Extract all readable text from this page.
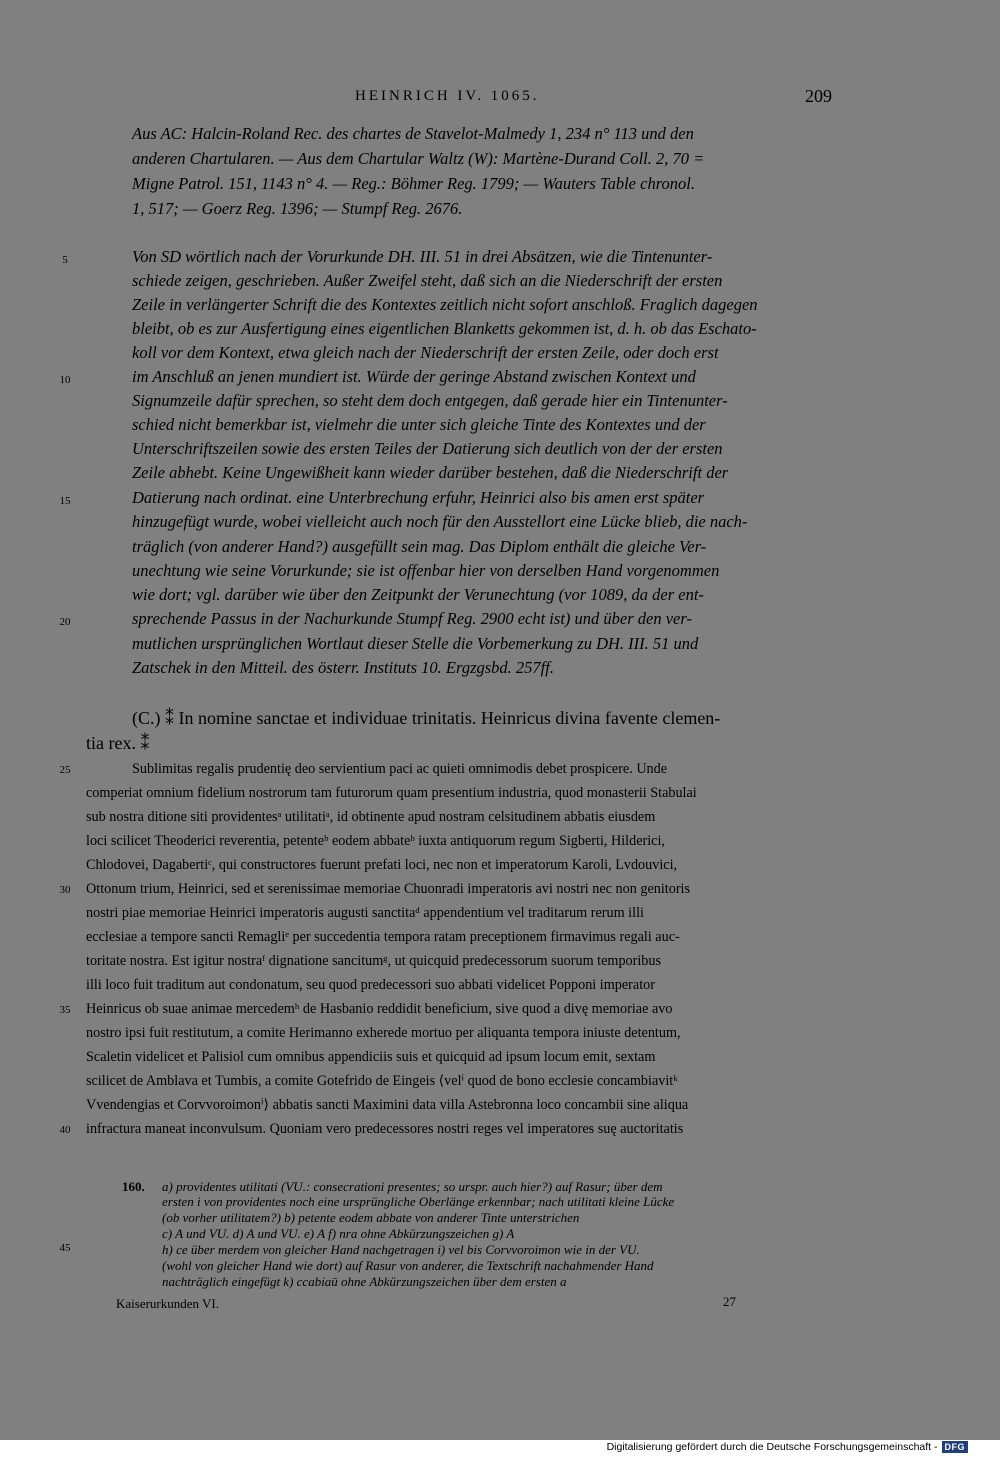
HEINRICH IV. 1065.	209
Aus AC: Halcin-Roland Rec. des chartes de Stavelot-Malmedy 1, 234 n° 113 und den
anderen Chartularen. — Aus dem Chartular Waltz (W): Martène-Durand Coll. 2, 70 =
Migne Patrol. 151, 1143 n° 4. — Reg.: Böhmer Reg. 1799; — Wauters Table chronol.
1, 517; — Goerz Reg. 1396; — Stumpf Reg. 2676.
Von SD wörtlich nach der Vorurkunde DH. III. 51 in drei Absätzen, wie die Tintenunter-
schiede zeigen, geschrieben. Außer Zweifel steht, daß sich an die Niederschrift der ersten
Zeile in verlängerter Schrift die des Kontextes zeitlich nicht sofort anschloß. Fraglich dagegen
bleibt, ob es zur Ausfertigung eines eigentlichen Blanketts gekommen ist, d. h. ob das Eschato-
koll vor dem Kontext, etwa gleich nach der Niederschrift der ersten Zeile, oder doch erst
im Anschluß an jenen mundiert ist. Würde der geringe Abstand zwischen Kontext und
Signumzeile dafür sprechen, so steht dem doch entgegen, daß gerade hier ein Tintenunter-
schied nicht bemerkbar ist, vielmehr die unter sich gleiche Tinte des Kontextes und der
Unterschriftszeilen sowie des ersten Teiles der Datierung sich deutlich von der der ersten
Zeile abhebt. Keine Ungewißheit kann wieder darüber bestehen, daß die Niederschrift der
Datierung nach ordinat. eine Unterbrechung erfuhr, Heinrici also bis amen erst später
hinzugefügt wurde, wobei vielleicht auch noch für den Ausstellort eine Lücke blieb, die nach-
träglich (von anderer Hand?) ausgefüllt sein mag. Das Diplom enthält die gleiche Ver-
unechtung wie seine Vorurkunde; sie ist offenbar hier von derselben Hand vorgenommen
wie dort; vgl. darüber wie über den Zeitpunkt der Verunechtung (vor 1089, da der ent-
sprechende Passus in der Nachurkunde Stumpf Reg. 2900 echt ist) und über den ver-
mutlichen ursprünglichen Wortlaut dieser Stelle die Vorbemerkung zu DH. III. 51 und
Zatschek in den Mitteil. des österr. Instituts 10. Ergzgsbd. 257ff.
(C.) ⁑ In nomine sanctae et individuae trinitatis. Heinricus divina favente clemen-
tia rex. ⁑
Sublimitas regalis prudentię deo servientium paci ac quieti omnimodis debet prospicere. Unde
comperiat omnium fidelium nostrorum tam futurorum quam presentium industria, quod monasterii Stabulai
sub nostra ditione siti providentesᵃ utilitatiᵃ, id obtinente apud nostram celsitudinem abbatis eiusdem
loci scilicet Theoderici reverentia, petenteᵇ eodem abbateᵇ iuxta antiquorum regum Sigberti, Hilderici,
Chlodovei, Dagabertiᶜ, qui constructores fuerunt prefati loci, nec non et imperatorum Karoli, Lvdouvici,
Ottonum trium, Heinrici, sed et serenissimae memoriae Chuonradi imperatoris avi nostri nec non genitoris
nostri piae memoriae Heinrici imperatoris augusti sanctitaᵈ appendentium vel traditarum rerum illi
ecclesiae a tempore sancti Remagliᵉ per succedentia tempora ratam preceptionem firmavimus regali auc-
toritate nostra. Est igitur nostraᶠ dignatione sancitumᵍ, ut quicquid predecessorum suorum temporibus
illi loco fuit traditum aut condonatum, seu quod predecessori suo abbati videlicet Popponi imperator
Heinricus ob suae animae mercedemʰ de Hasbanio reddidit beneficium, sive quod a divę memoriae avo
nostro ipsi fuit restitutum, a comite Herimanno exherede mortuo per aliquanta tempora iniuste detentum,
Scaletin videlicet et Palisiol cum omnibus appendiciis suis et quicquid ad ipsum locum emit, sextam
scilicet de Amblava et Tumbis, a comite Gotefrido de Eingeis ⟨velⁱ quod de bono ecclesie concambiavitᵏ
Vvendengias et Corvvoroimonⁱ⟩ abbatis sancti Maximini data villa Astebronna loco concambii sine aliqua
infractura maneat inconvulsum. Quoniam vero predecessores nostri reges vel imperatores suę auctoritatis
5
10
15
20
25
30
35
40
45
160. a) providentes utilitati (VU.: consecrationi presentes; so urspr. auch hier?) auf Rasur; über dem
ersten i von providentes noch eine ursprüngliche Oberlänge erkennbar; nach utilitati kleine Lücke
(ob vorher utilitatem?) b) petente eodem abbate von anderer Tinte unterstrichen
c) A und VU. d) A und VU. e) A f) nra ohne Abkürzungszeichen g) A
h) ce über merdem von gleicher Hand nachgetragen i) vel bis Corvvoroimon wie in der VU.
(wohl von gleicher Hand wie dort) auf Rasur von anderer, die Textschrift nachahmender Hand
nachträglich eingefügt k) ccabiaū ohne Abkürzungszeichen über dem ersten a
Kaiserurkunden VI.	27
Digitalisierung gefördert durch die Deutsche Forschungsgemeinschaft - DFG
